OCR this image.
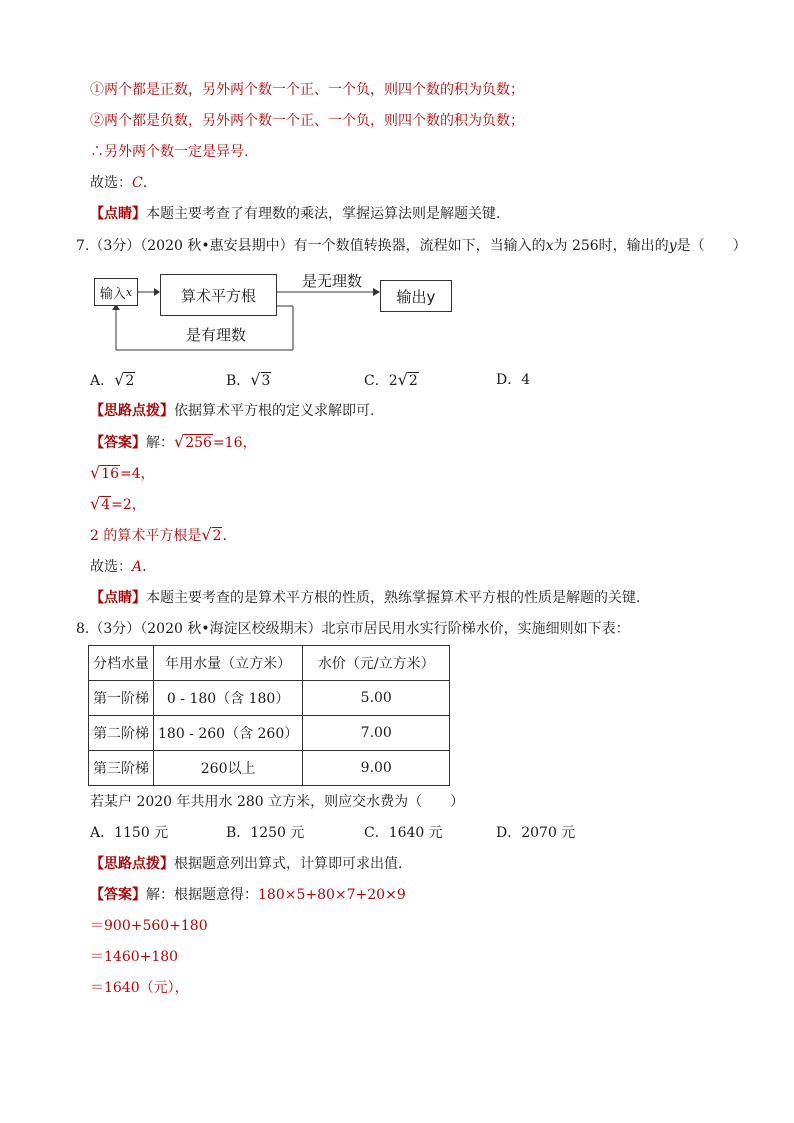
①两个都是正数，另外两个数一个正、一个负，则四个数的积为负数；
②两个都是负数，另外两个数一个正、一个负，则四个数的积为负数；
∴另外两个数一定是异号.
故选：C.
【点睛】本题主要考查了有理数的乘法，掌握运算法则是解题关键.
7.（3分）（2020 秋•惠安县期中）有一个数值转换器，流程如下，当输入的x为 256时，输出的y是（　　）
输入 x	算术平方根
是无理数
输出y
是有理数
A．√2	B．√3	C．2√2	D．4
【思路点拨】依据算术平方根的定义求解即可.
【答案】解：√256=16，
√16=4，
√4=2，
2 的算术平方根是√2.
故选：A.
【点睛】本题主要考查的是算术平方根的性质，熟练掌握算术平方根的性质是解题的关键.
8.（3分）（2020 秋•海淀区校级期末）北京市居民用水实行阶梯水价，实施细则如下表：
分档水量	年用水量（立方米）	水价（元/立方米）
第一阶梯	0 - 180（含 180）	5.00
第二阶梯	180 - 260（含 260）	7.00
第三阶梯	260以上	9.00
若某户 2020 年共用水 280 立方米，则应交水费为（　　）
A．1150 元	B．1250 元	C．1640 元	D．2070 元
【思路点拨】根据题意列出算式，计算即可求出值.
【答案】解：根据题意得：180×5+80×7+20×9
＝900+560+180
＝1460+180
＝1640（元），
